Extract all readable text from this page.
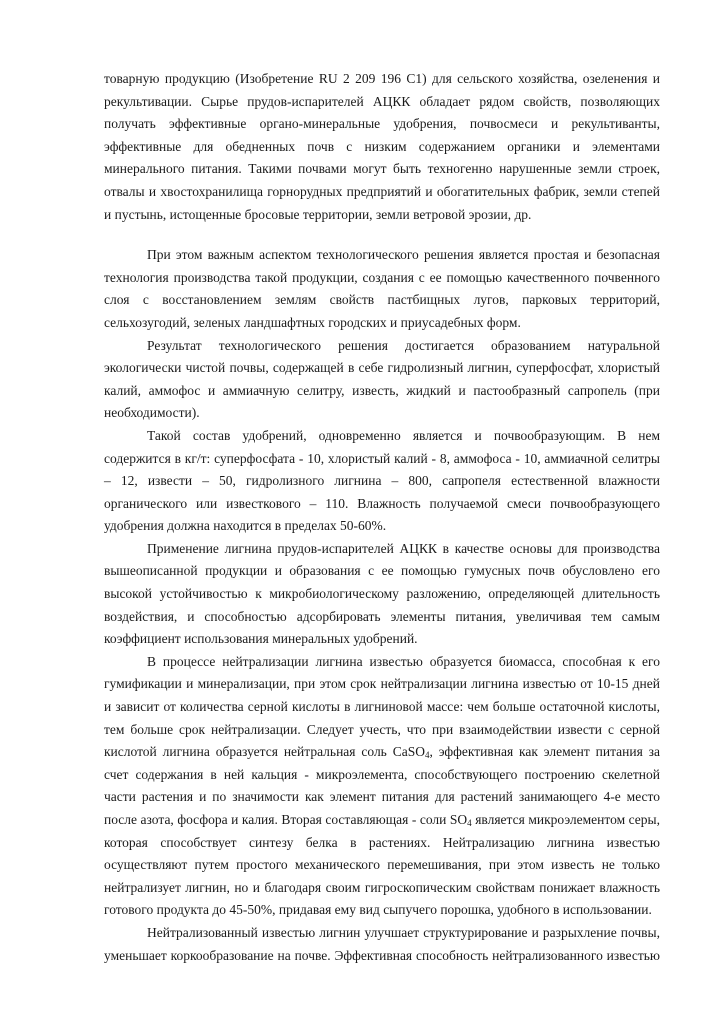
товарную продукцию (Изобретение RU 2 209 196 С1) для сельского хозяйства, озеленения и рекультивации. Сырье прудов-испарителей АЦКК обладает рядом свойств, позволяющих получать эффективные органо-минеральные удобрения, почвосмеси и рекультиванты, эффективные для обедненных почв с низким содержанием органики и элементами минерального питания. Такими почвами могут быть техногенно нарушенные земли строек, отвалы и хвостохранилища горнорудных предприятий и обогатительных фабрик, земли степей и пустынь, истощенные бросовые территории, земли ветровой эрозии, др.

При этом важным аспектом технологического решения является простая и безопасная технология производства такой продукции, создания с ее помощью качественного почвенного слоя с восстановлением землям свойств пастбищных лугов, парковых территорий, сельхозугодий, зеленых ландшафтных городских и приусадебных форм.

Результат технологического решения достигается образованием натуральной экологически чистой почвы, содержащей в себе гидролизный лигнин, суперфосфат, хлористый калий, аммофос и аммиачную селитру, известь, жидкий и пастообразный сапропель (при необходимости).

Такой состав удобрений, одновременно является и почвообразующим. В нем содержится в кг/т: суперфосфата - 10, хлористый калий - 8, аммофоса - 10, аммиачной селитры – 12, извести – 50, гидролизного лигнина – 800, сапропеля естественной влажности органического или известкового – 110. Влажность получаемой смеси почвообразующего удобрения должна находится в пределах 50-60%.

Применение лигнина прудов-испарителей АЦКК в качестве основы для производства вышеописанной продукции и образования с ее помощью гумусных почв обусловлено его высокой устойчивостью к микробиологическому разложению, определяющей длительность воздействия, и способностью адсорбировать элементы питания, увеличивая тем самым коэффициент использования минеральных удобрений.

В процессе нейтрализации лигнина известью образуется биомасса, способная к его гумификации и минерализации, при этом срок нейтрализации лигнина известью от 10-15 дней и зависит от количества серной кислоты в лигниновой массе: чем больше остаточной кислоты, тем больше срок нейтрализации. Следует учесть, что при взаимодействии извести с серной кислотой лигнина образуется нейтральная соль CaSO$_4$, эффективная как элемент питания за счет содержания в ней кальция - микроэлемента, способствующего построению скелетной части растения и по значимости как элемент питания для растений занимающего 4-е место после азота, фосфора и калия. Вторая составляющая - соли $SO_4$ является микроэлементом серы, которая способствует синтезу белка в растениях. Нейтрализацию лигнина известью осуществляют путем простого механического перемешивания, при этом известь не только нейтрализует лигнин, но и благодаря своим гигроскопическим свойствам понижает влажность готового продукта до 45-50%, придавая ему вид сыпучего порошка, удобного в использовании.

Нейтрализованный известью лигнин улучшает структурирование и разрыхление почвы, уменьшает коркообразование на почве. Эффективная способность нейтрализованного известью
